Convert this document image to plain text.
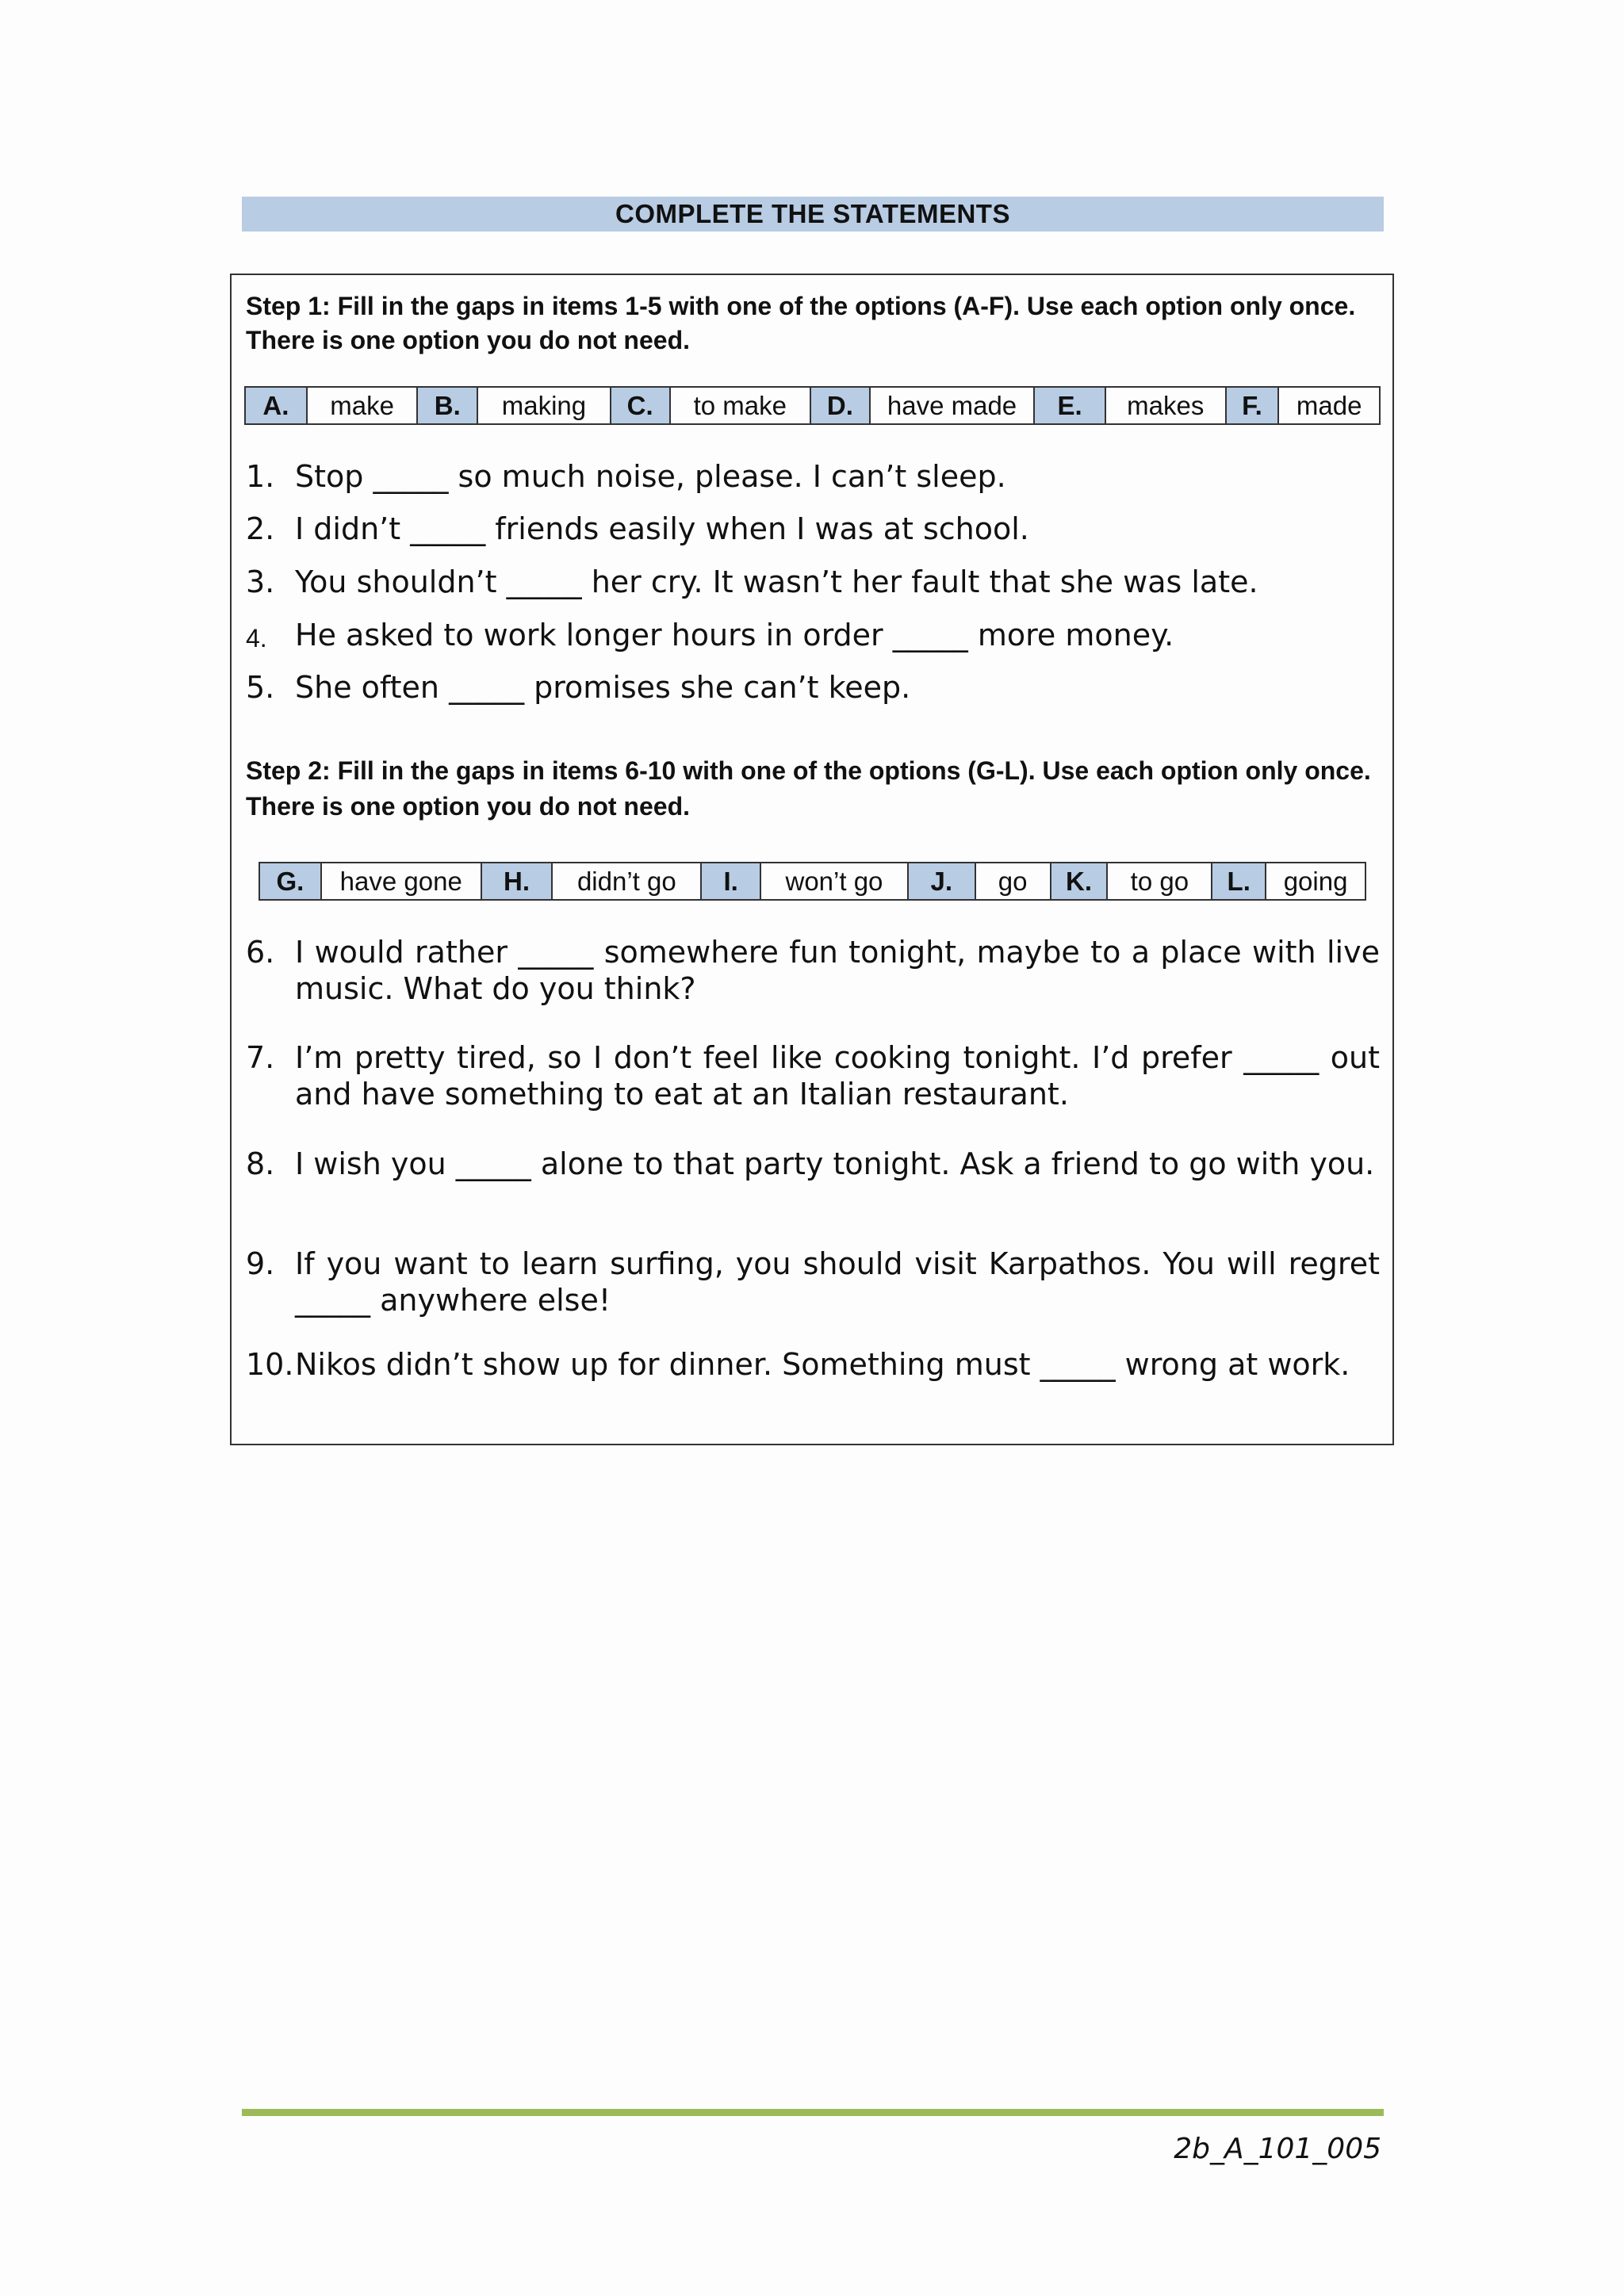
COMPLETE THE STATEMENTS
Step 1: Fill in the gaps in items 1-5 with one of the options (A-F). Use each option only once. There is one option you do not need.
A.	make	B.	making	C.	to make	D.	have made	E.	makes	F.	made
1. Stop _____ so much noise, please. I can’t sleep.
2. I didn’t _____ friends easily when I was at school.
3. You shouldn’t _____ her cry. It wasn’t her fault that she was late.
4. He asked to work longer hours in order _____ more money.
5. She often _____ promises she can’t keep.
Step 2: Fill in the gaps in items 6-10 with one of the options (G-L). Use each option only once. There is one option you do not need.
G.	have gone	H.	didn’t go	I.	won’t go	J.	go	K.	to go	L.	going
6. I would rather _____ somewhere fun tonight, maybe to a place with live music. What do you think?
7. I’m pretty tired, so I don’t feel like cooking tonight. I’d prefer _____ out and have something to eat at an Italian restaurant.
8. I wish you _____ alone to that party tonight. Ask a friend to go with you.
9. If you want to learn surfing, you should visit Karpathos. You will regret _____ anywhere else!
10. Nikos didn’t show up for dinner. Something must _____ wrong at work.
2b_A_101_005
